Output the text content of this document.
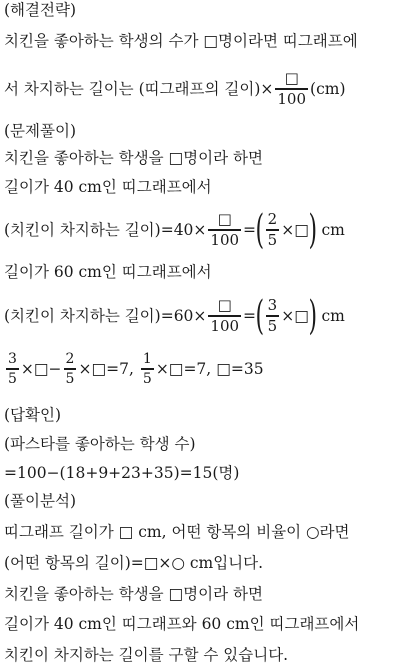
(해결전략)
치킨을 좋아하는 학생의 수가 □명이라면 띠그래프에
서 차지하는 길이는 (띠그래프의 길이)× $\frac{□}{100} (cm)$
(문제풀이)
치킨을 좋아하는 학생을 □명이라 하면
길이가 40 cm인 띠그래프에서
(치킨이 차지하는 길이)$=40\times \frac{□}{100}$ = ( $\frac{2}{5}$ ×□ ) cm
길이가 60 cm인 띠그래프에서
(치킨이 차지하는 길이)$=60\times \frac{□}{100}$ = ( $\frac{3}{5}$ ×□ ) cm
$\frac{3}{5}$ ×□− $\frac{2}{5}$ ×□=7, $\frac{1}{5}$ ×□=7, □=35
(답확인)
(파스타를 좋아하는 학생 수)
=100−(18+9+23+35)=15(명)
(풀이분석)
띠그래프 길이가 □ cm, 어떤 항목의 비율이 ○라면
(어떤 항목의 길이)=□×○ cm입니다.
치킨을 좋아하는 학생을 □명이라 하면
길이가 40 cm인 띠그래프와 60 cm인 띠그래프에서
치킨이 차지하는 길이를 구할 수 있습니다.
